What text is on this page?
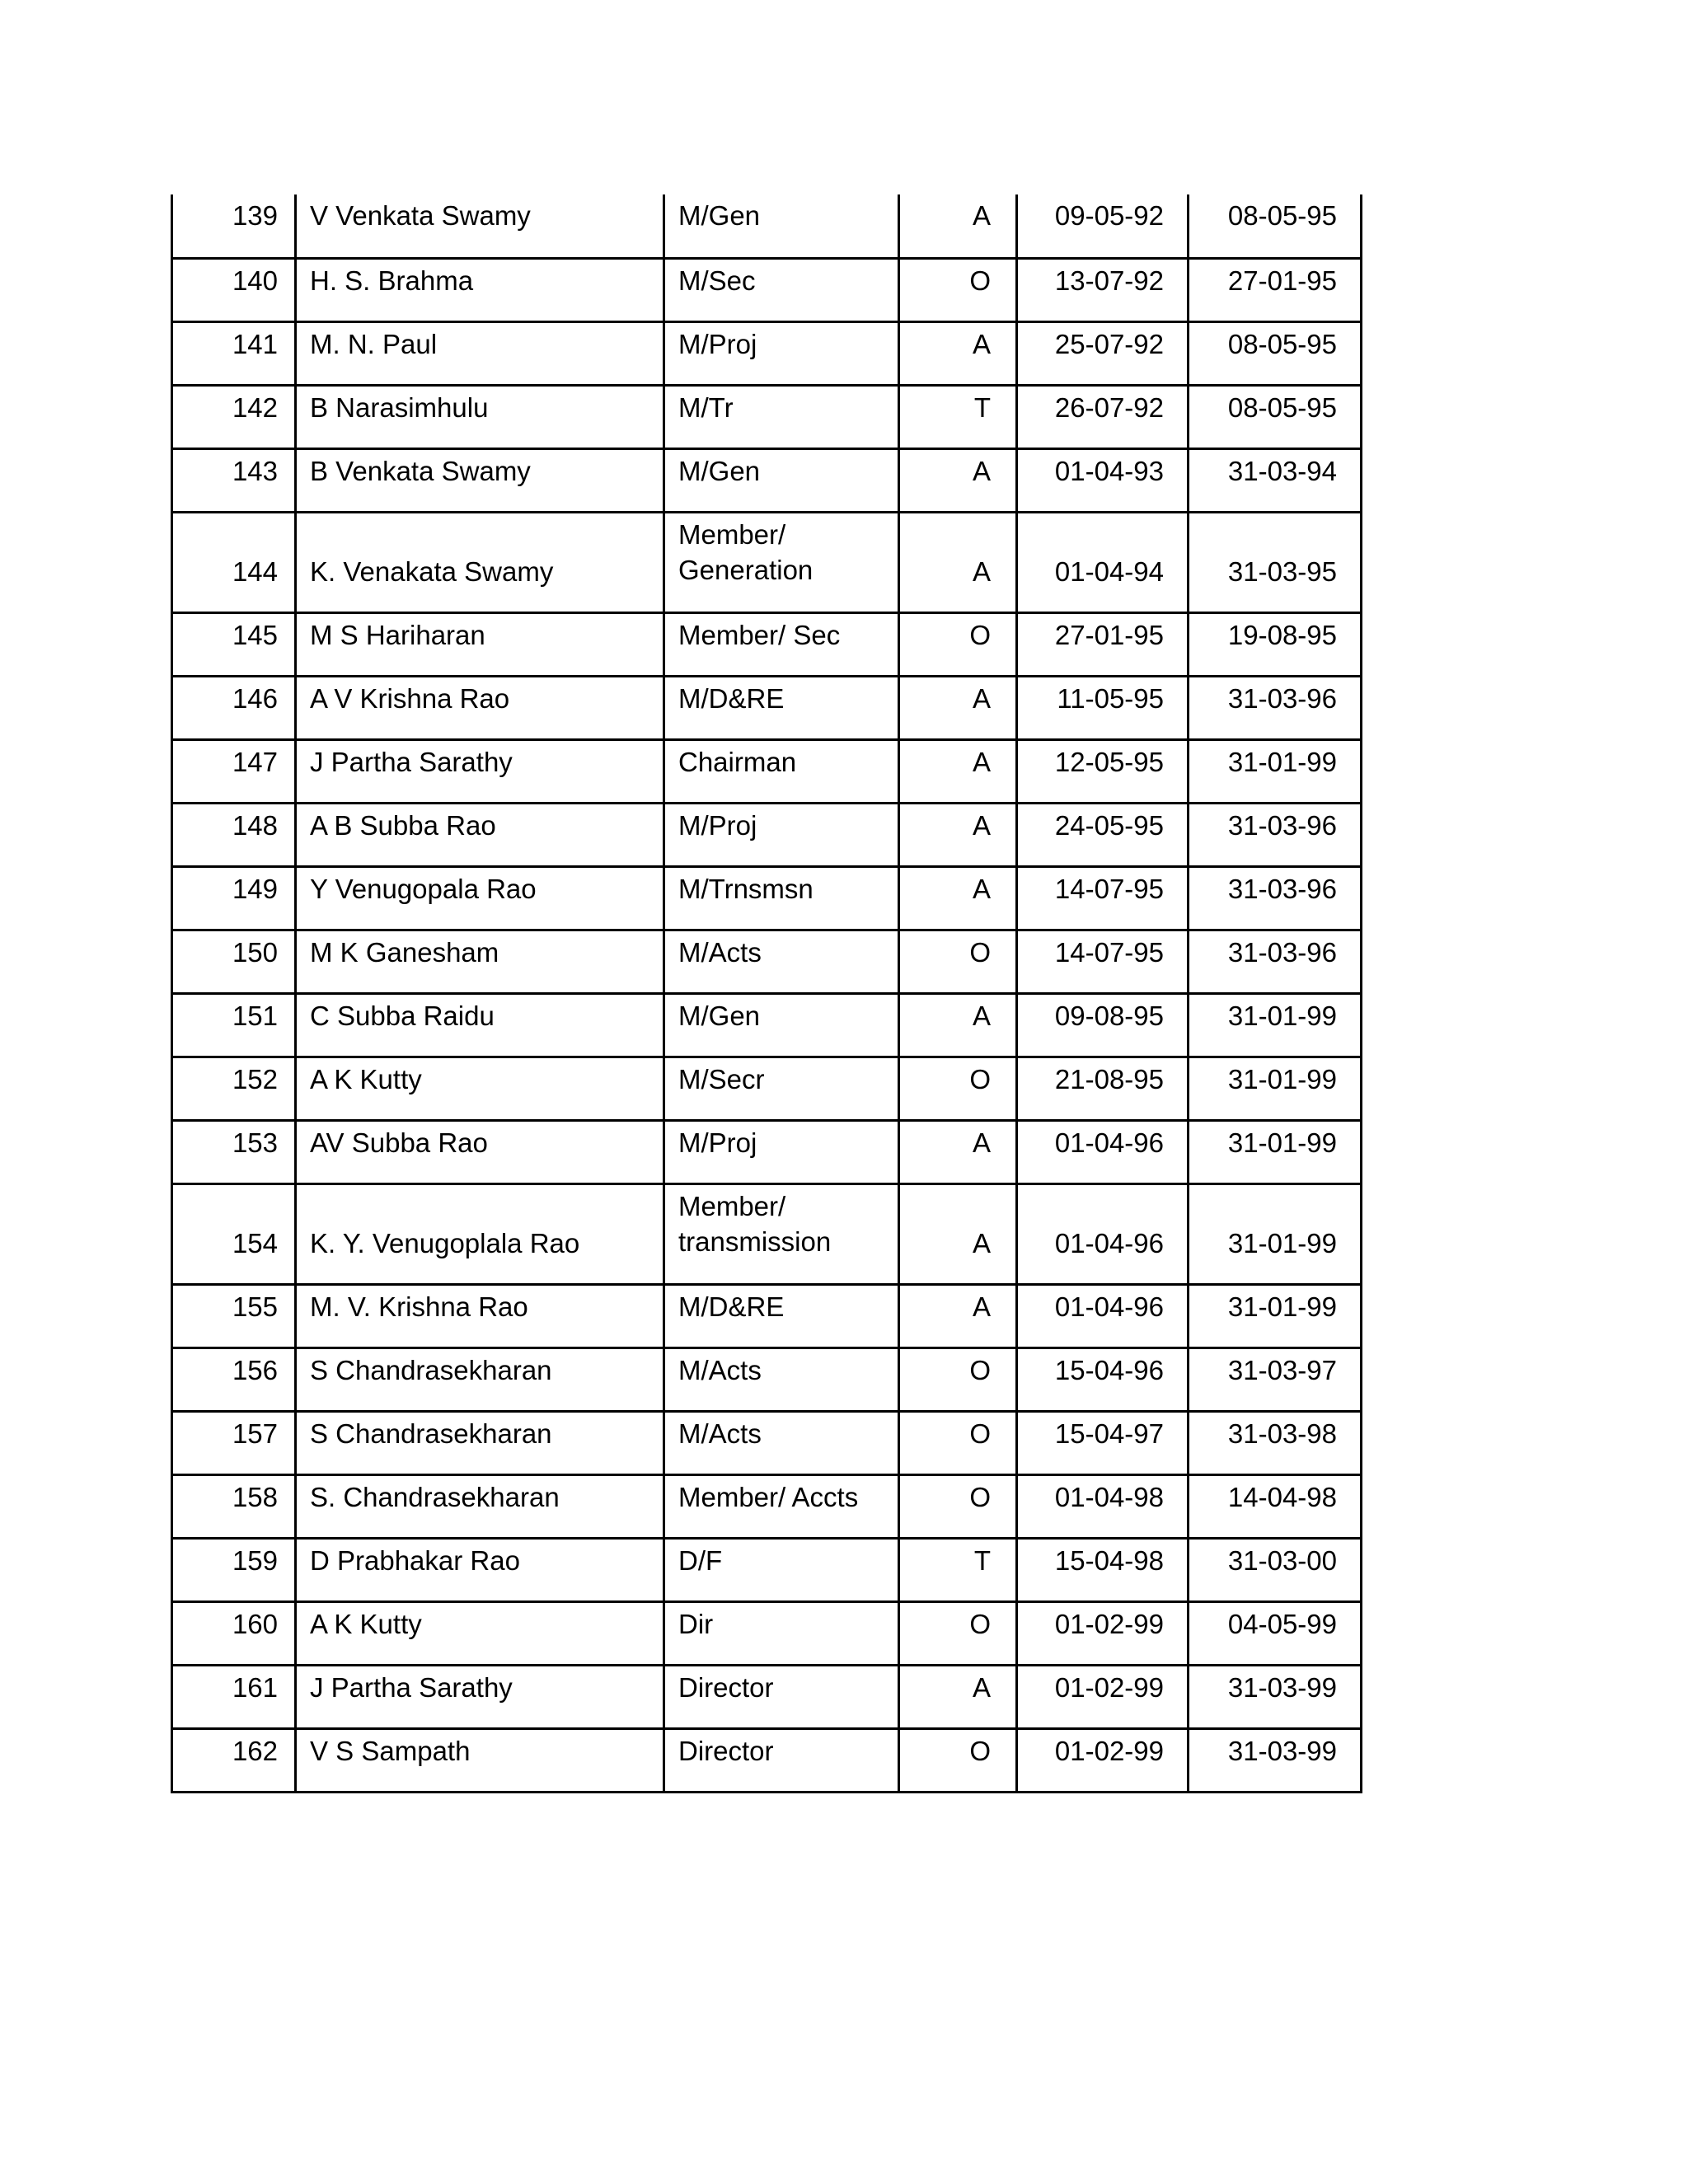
139	V Venkata Swamy	M/Gen	A	09-05-92	08-05-95

140	H. S. Brahma	M/Sec	O	13-07-92	27-01-95

141	M. N. Paul	M/Proj	A	25-07-92	08-05-95

142	B Narasimhulu	M/Tr	T	26-07-92	08-05-95

143	B Venkata Swamy	M/Gen	A	01-04-93	31-03-94

144	K. Venakata Swamy	Member/
Generation	A	01-04-94	31-03-95

145	M S Hariharan	Member/ Sec	O	27-01-95	19-08-95

146	A V Krishna Rao	M/D&RE	A	11-05-95	31-03-96

147	J Partha Sarathy	Chairman	A	12-05-95	31-01-99

148	A B Subba Rao	M/Proj	A	24-05-95	31-03-96

149	Y Venugopala Rao	M/Trnsmsn	A	14-07-95	31-03-96

150	M K Ganesham	M/Acts	O	14-07-95	31-03-96

151	C Subba Raidu	M/Gen	A	09-08-95	31-01-99

152	A K Kutty	M/Secr	O	21-08-95	31-01-99

153	AV Subba Rao	M/Proj	A	01-04-96	31-01-99

154	K. Y. Venugoplala Rao	Member/
transmission	A	01-04-96	31-01-99

155	M. V. Krishna Rao	M/D&RE	A	01-04-96	31-01-99

156	S Chandrasekharan	M/Acts	O	15-04-96	31-03-97

157	S Chandrasekharan	M/Acts	O	15-04-97	31-03-98

158	S. Chandrasekharan	Member/ Accts	O	01-04-98	14-04-98

159	D Prabhakar Rao	D/F	T	15-04-98	31-03-00

160	A K Kutty	Dir	O	01-02-99	04-05-99

161	J Partha Sarathy	Director	A	01-02-99	31-03-99

162	V S Sampath	Director	O	01-02-99	31-03-99
